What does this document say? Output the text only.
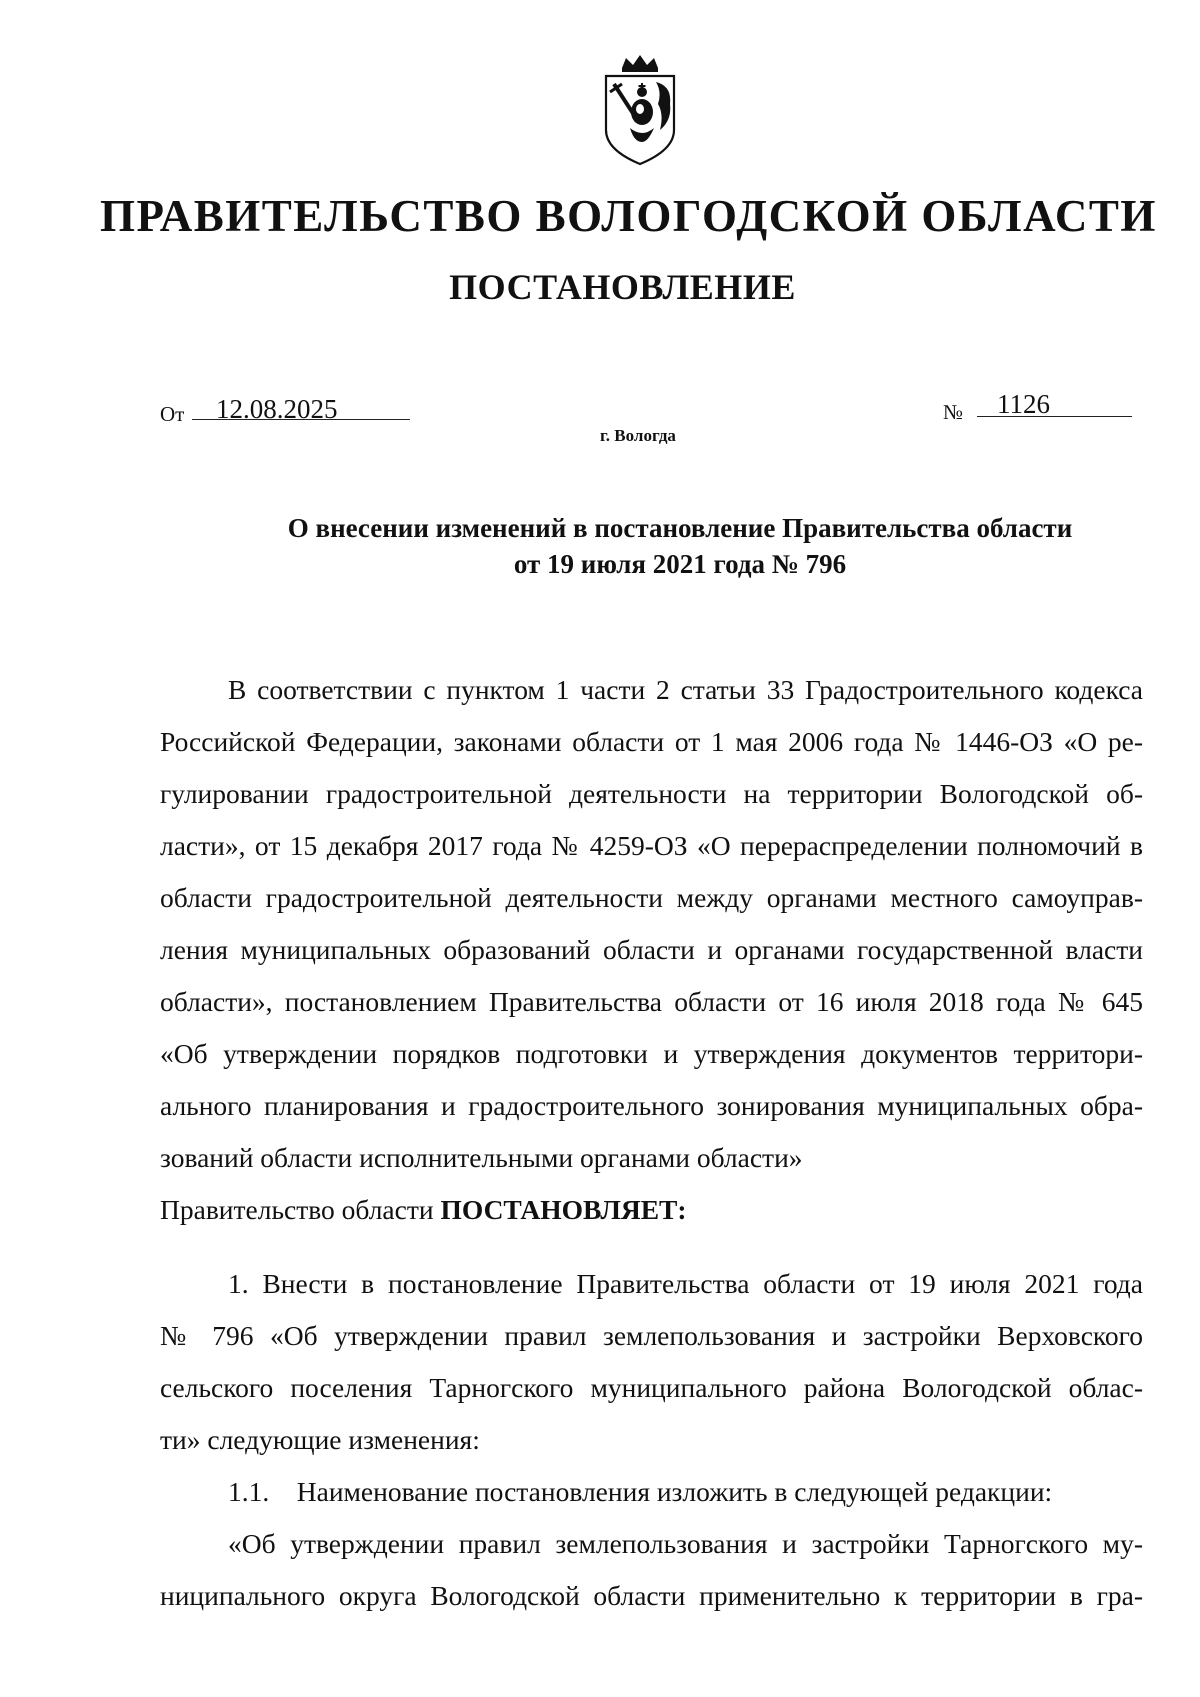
ПРАВИТЕЛЬСТВО ВОЛОГОДСКОЙ ОБЛАСТИ
ПОСТАНОВЛЕНИЕ
От 12.08.2025	№ 1126
г. Вологда
О внесении изменений в постановление Правительства области
от 19 июля 2021 года № 796
В соответствии с пунктом 1 части 2 статьи 33 Градостроительного кодекса
Российской Федерации, законами области от 1 мая 2006 года № 1446-ОЗ «О ре-
гулировании градостроительной деятельности на территории Вологодской об-
ласти», от 15 декабря 2017 года № 4259-ОЗ «О перераспределении полномочий в
области градостроительной деятельности между органами местного самоуправ-
ления муниципальных образований области и органами государственной власти
области», постановлением Правительства области от 16 июля 2018 года № 645
«Об утверждении порядков подготовки и утверждения документов территори-
ального планирования и градостроительного зонирования муниципальных обра-
зований области исполнительными органами области»
Правительство области ПОСТАНОВЛЯЕТ:
1. Внести в постановление Правительства области от 19 июля 2021 года
№ 796 «Об утверждении правил землепользования и застройки Верховского
сельского поселения Тарногского муниципального района Вологодской облас-
ти» следующие изменения:
1.1. Наименование постановления изложить в следующей редакции:
«Об утверждении правил землепользования и застройки Тарногского му-
ниципального округа Вологодской области применительно к территории в гра-
